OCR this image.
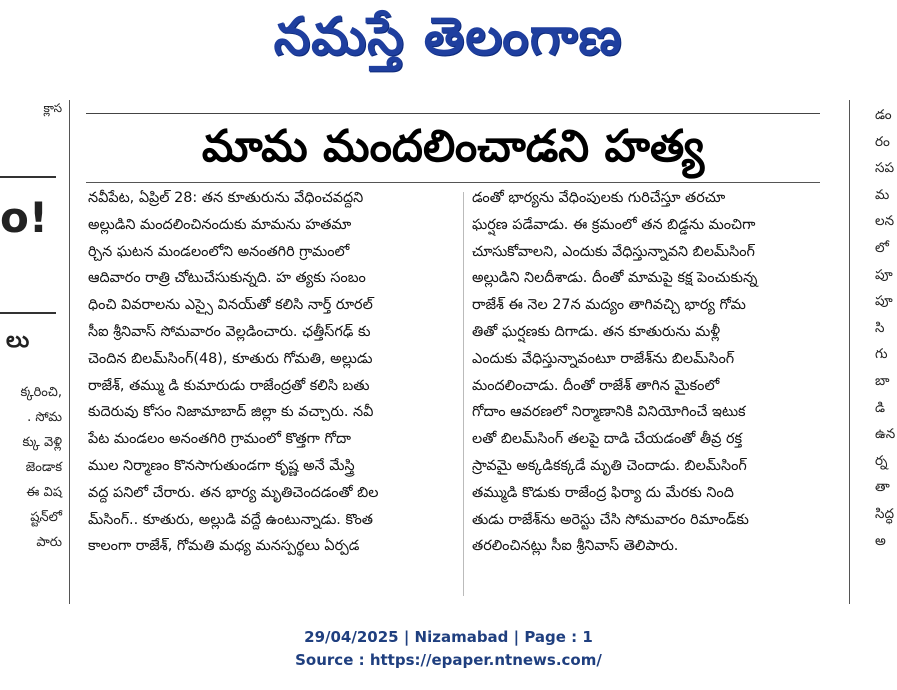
నమస్తే తెలంగాణ
క్లాస
o!
లు
క్కరించి,
. సోమ
క్కు వెళ్లి
జెండాక
ఈ విష
ష్టన్‌లో
పారు
మామ మందలించాడని హత్య
నవీపేట, ఏప్రిల్ 28: తన కూతురును వేధించవద్దని
అల్లుడిని మందలించినందుకు మామను హతమా
ర్చిన ఘటన మండలంలోని అనంతగిరి గ్రామంలో
ఆదివారం రాత్రి చోటుచేసుకున్నది. హ త్యకు సంబం
ధించి వివరాలను ఎస్సై వినయ్‌తో కలిసి నార్త్ రూరల్
సీఐ శ్రీనివాస్ సోమవారం వెల్లడించారు. ఛత్తీస్‌గఢ్ కు
చెందిన బిలమ్‌సింగ్(48), కూతురు గోమతి, అల్లుడు
రాజేశ్, తమ్ము డి కుమారుడు రాజేంద్రతో కలిసి బతు
కుదెరువు కోసం నిజామాబాద్ జిల్లా కు వచ్చారు. నవీ
పేట మండలం అనంతగిరి గ్రామంలో కొత్తగా గోదా
ముల నిర్మాణం కొనసాగుతుండగా కృష్ణ అనే మేస్త్రి
వద్ద పనిలో చేరారు. తన భార్య మృతిచెందడంతో బిల
మ్‌సింగ్.. కూతురు, అల్లుడి వద్దే ఉంటున్నాడు. కొంత
కాలంగా రాజేశ్, గోమతి మధ్య మనస్పర్థలు ఏర్పడ
డంతో భార్యను వేధింపులకు గురిచేస్తూ తరచూ
ఘర్షణ పడేవాడు. ఈ క్రమంలో తన బిడ్డను మంచిగా
చూసుకోవాలని, ఎందుకు వేధిస్తున్నావని బిలమ్‌సింగ్
అల్లుడిని నిలదీశాడు. దీంతో మామపై కక్ష పెంచుకున్న
రాజేశ్ ఈ నెల 27న మద్యం తాగివచ్చి భార్య గోమ
తితో ఘర్షణకు దిగాడు. తన కూతురును మళ్లీ
ఎందుకు వేధిస్తున్నావంటూ రాజేశ్‌ను బిలమ్‌సింగ్
మందలించాడు. దీంతో రాజేశ్ తాగిన మైకంలో
గోదాం ఆవరణలో నిర్మాణానికి వినియోగించే ఇటుక
లతో బిలమ్‌సింగ్ తలపై దాడి చేయడంతో తీవ్ర రక్త
స్రావమై అక్కడికక్కడే మృతి చెందాడు. బిలమ్‌సింగ్
తమ్ముడి కొడుకు రాజేంద్ర ఫిర్యా దు మేరకు నింది
తుడు రాజేశ్‌ను అరెస్టు చేసి సోమవారం రిమాండ్‌కు
తరలించినట్లు సీఐ శ్రీనివాస్ తెలిపారు.
డం
రం
సప
మ
లన
లో
పూ
పూ
సి
గు
బా
డి
ఉన
ర్న
తా
సిద్ధ
అ
29/04/2025 | Nizamabad | Page : 1
Source : https://epaper.ntnews.com/
